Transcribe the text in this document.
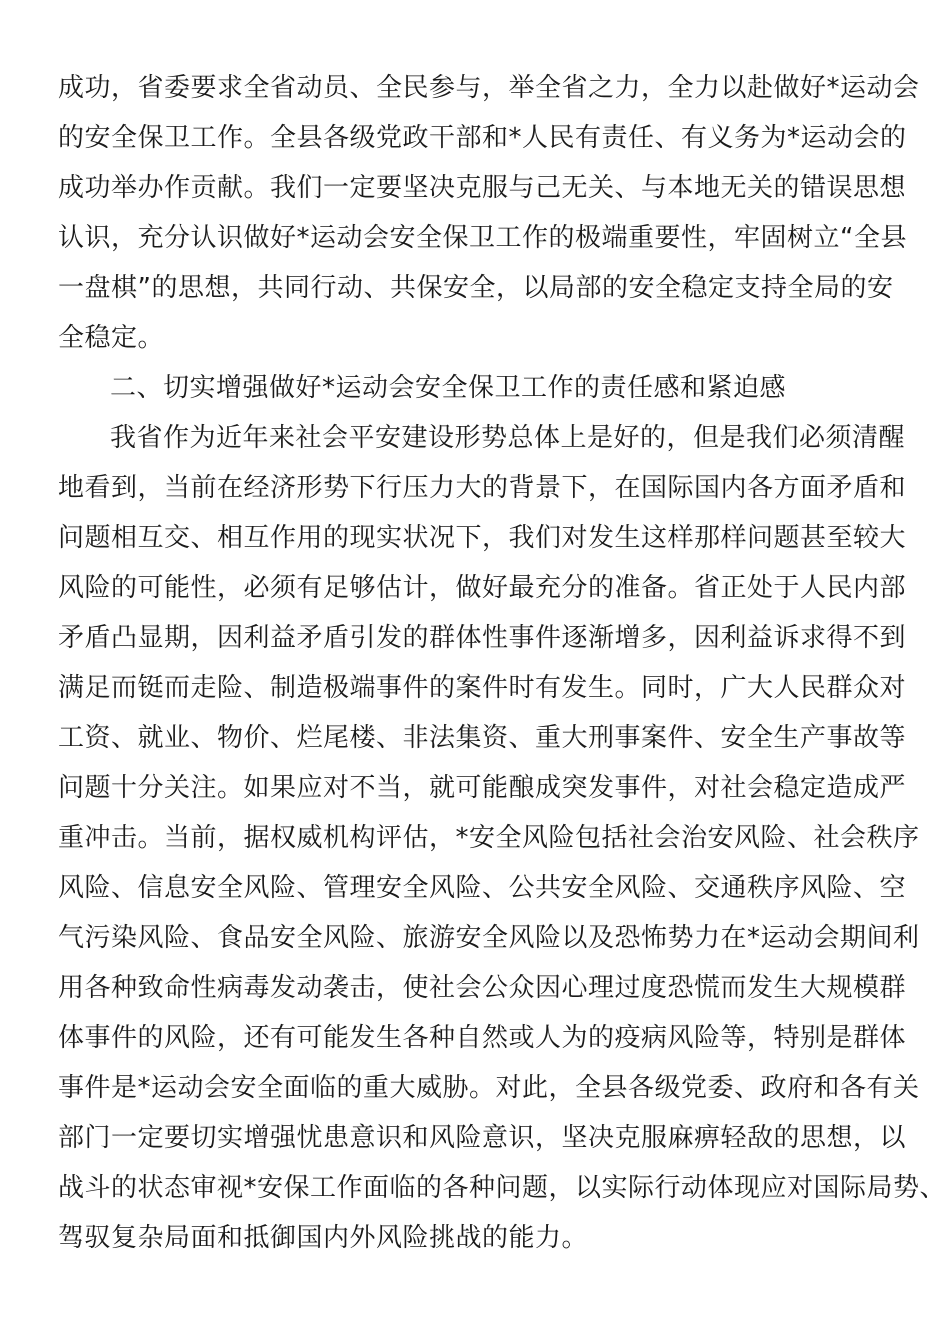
成功，省委要求全省动员、全民参与，举全省之力，全力以赴做好*运动会
的安全保卫工作。全县各级党政干部和*人民有责任、有义务为*运动会的
成功举办作贡献。我们一定要坚决克服与己无关、与本地无关的错误思想
认识，充分认识做好*运动会安全保卫工作的极端重要性，牢固树立“全县
一盘棋”的思想，共同行动、共保安全，以局部的安全稳定支持全局的安
全稳定。
二、切实增强做好*运动会安全保卫工作的责任感和紧迫感
我省作为近年来社会平安建设形势总体上是好的，但是我们必须清醒
地看到，当前在经济形势下行压力大的背景下，在国际国内各方面矛盾和
问题相互交、相互作用的现实状况下，我们对发生这样那样问题甚至较大
风险的可能性，必须有足够估计，做好最充分的准备。省正处于人民内部
矛盾凸显期，因利益矛盾引发的群体性事件逐渐增多，因利益诉求得不到
满足而铤而走险、制造极端事件的案件时有发生。同时，广大人民群众对
工资、就业、物价、烂尾楼、非法集资、重大刑事案件、安全生产事故等
问题十分关注。如果应对不当，就可能酿成突发事件，对社会稳定造成严
重冲击。当前，据权威机构评估，*安全风险包括社会治安风险、社会秩序
风险、信息安全风险、管理安全风险、公共安全风险、交通秩序风险、空
气污染风险、食品安全风险、旅游安全风险以及恐怖势力在*运动会期间利
用各种致命性病毒发动袭击，使社会公众因心理过度恐慌而发生大规模群
体事件的风险，还有可能发生各种自然或人为的疫病风险等，特别是群体
事件是*运动会安全面临的重大威胁。对此，全县各级党委、政府和各有关
部门一定要切实增强忧患意识和风险意识，坚决克服麻痹轻敌的思想，以
战斗的状态审视*安保工作面临的各种问题，以实际行动体现应对国际局势、
驾驭复杂局面和抵御国内外风险挑战的能力。
